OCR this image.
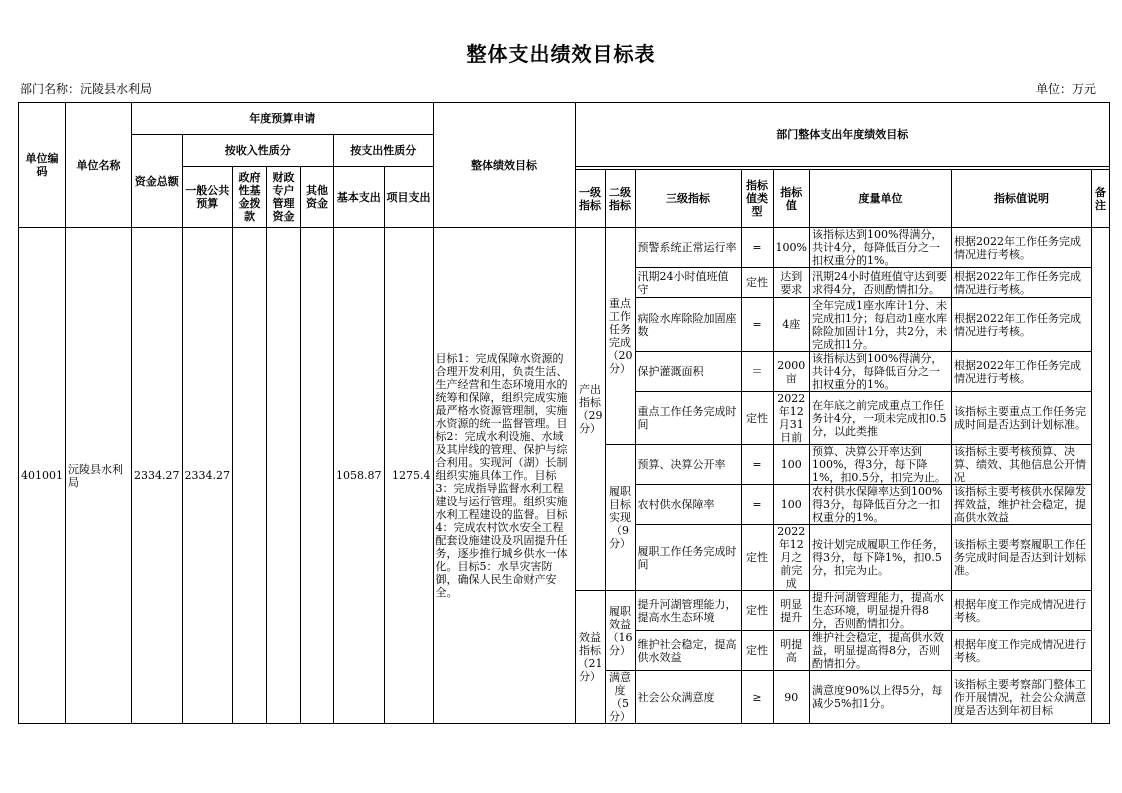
整体支出绩效目标表
部门名称：沅陵县水利局	单位：万元
单位编码	单位名称	年度预算申请							整体绩效目标	部门整体支出年度绩效目标							
		资金总额	按收入性质分				按支出性质分										
			一般公共预算	政府性基金拨款	财政专户管理资金	其他资金	基本支出	项目支出									
										一级指标	二级指标	三级指标	指标值类型	指标值	度量单位	指标值说明	备注
401001	沅陵县水利局	2334.27	2334.27				1058.87	1275.4	目标1：完成保障水资源的合理开发利用，负责生活、生产经营和生态环境用水的统筹和保障，组织完成实施最严格水资源管理制，实施水资源的统一监督管理。目标2：完成水利设施、水域及其岸线的管理、保护与综合利用。实现河（湖）长制组织实施具体工作。目标3：完成指导监督水利工程建设与运行管理。组织实施水利工程建设的监督。目标4：完成农村饮水安全工程配套设施建设及巩固提升任务，逐步推行城乡供水一体化。目标5：水旱灾害防御，确保人民生命财产安全。	产出指标（29分）	重点工作任务完成（20分）	预警系统正常运行率	=	100%	该指标达到100%得满分，共计4分，每降低百分之一扣权重分的1%。	根据2022年工作任务完成情况进行考核。	
												汛期24小时值班值守	定性	达到要求	汛期24小时值班值守达到要求得4分，否则酌情扣分。	根据2022年工作任务完成情况进行考核。	
												病险水库除险加固座数	=	4座	全年完成1座水库计1分、未完成扣1分；每启动1座水库除险加固计1分，共2分，未完成扣1分。	根据2022年工作任务完成情况进行考核。	
												保护灌溉面积	＝	2000亩	该指标达到100%得满分，共计4分，每降低百分之一扣权重分的1%。	根据2022年工作任务完成情况进行考核。	
												重点工作任务完成时间	定性	2022年12月31日前	在年底之前完成重点工作任务计4分，一项未完成扣0.5分，以此类推	该指标主要重点工作任务完成时间是否达到计划标准。	
											履职目标实现（9分）	预算、决算公开率	=	100	预算、决算公开率达到100%，得3分，每下降1%，扣0.5分，扣完为止。	该指标主要考核预算、决算、绩效、其他信息公开情况	
												农村供水保障率	=	100	农村供水保障率达到100%得3分，每降低百分之一扣权重分的1%。	该指标主要考核供水保障发挥效益，维护社会稳定，提高供水效益	
												履职工作任务完成时间	定性	2022年12月之前完成	按计划完成履职工作任务，得3分，每下降1%，扣0.5分，扣完为止。	该指标主要考察履职工作任务完成时间是否达到计划标准。	
										效益指标（21分）	履职效益（16分）	提升河湖管理能力，提高水生态环境	定性	明显提升	提升河湖管理能力，提高水生态环境，明显提升得8分，否则酌情扣分。	根据年度工作完成情况进行考核。	
												维护社会稳定，提高供水效益	定性	明提高	维护社会稳定，提高供水效益，明显提高得8分，否则酌情扣分。	根据年度工作完成情况进行考核。	
											满意度（5分）	社会公众满意度	≥	90	满意度90%以上得5分，每减少5%扣1分。	该指标主要考察部门整体工作开展情况，社会公众满意度是否达到年初目标	
